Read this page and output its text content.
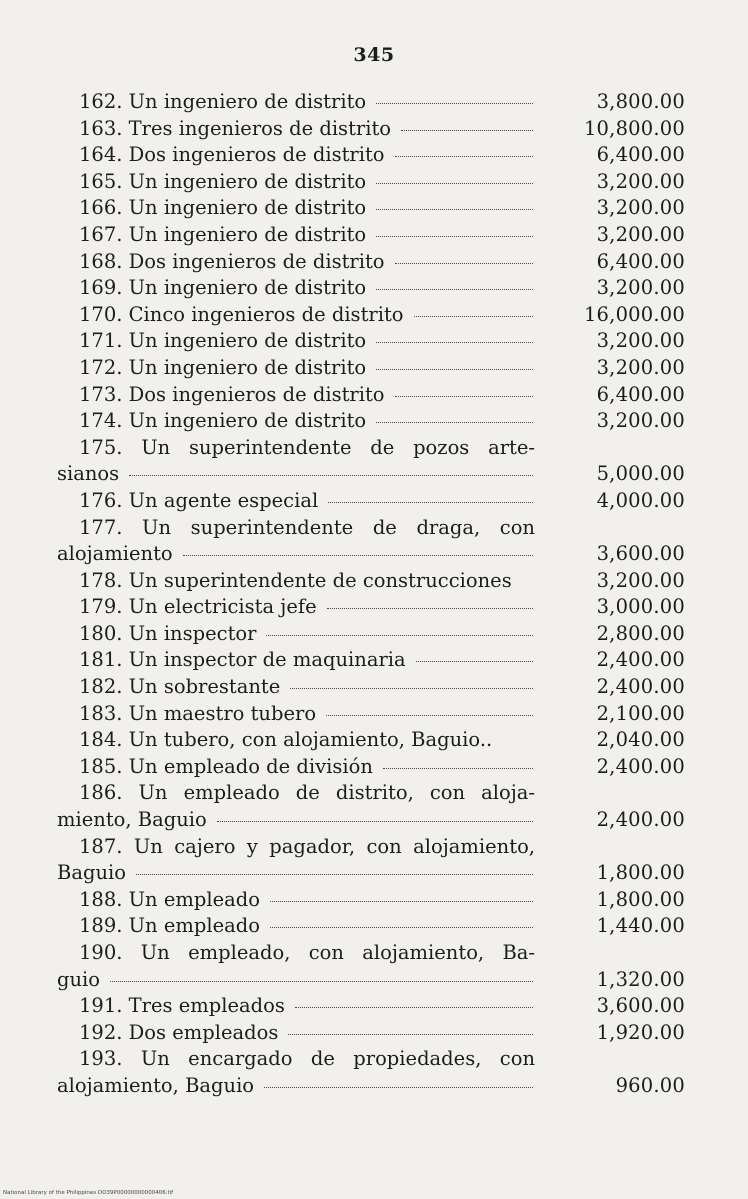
345
162. Un ingeniero de distrito	3,800.00
163. Tres ingenieros de distrito	10,800.00
164. Dos ingenieros de distrito	6,400.00
165. Un ingeniero de distrito	3,200.00
166. Un ingeniero de distrito	3,200.00
167. Un ingeniero de distrito	3,200.00
168. Dos ingenieros de distrito	6,400.00
169. Un ingeniero de distrito	3,200.00
170. Cinco ingenieros de distrito	16,000.00
171. Un ingeniero de distrito	3,200.00
172. Un ingeniero de distrito	3,200.00
173. Dos ingenieros de distrito	6,400.00
174. Un ingeniero de distrito	3,200.00
175. Un superintendente de pozos arte-
sianos	5,000.00
176. Un agente especial	4,000.00
177. Un superintendente de draga, con
alojamiento	3,600.00
178. Un superintendente de construcciones	3,200.00
179. Un electricista jefe	3,000.00
180. Un inspector	2,800.00
181. Un inspector de maquinaria	2,400.00
182. Un sobrestante	2,400.00
183. Un maestro tubero	2,100.00
184. Un tubero, con alojamiento, Baguio..	2,040.00
185. Un empleado de división	2,400.00
186. Un empleado de distrito, con aloja-
miento, Baguio	2,400.00
187. Un cajero y pagador, con alojamiento,
Baguio	1,800.00
188. Un empleado	1,800.00
189. Un empleado	1,440.00
190. Un empleado, con alojamiento, Ba-
guio	1,320.00
191. Tres empleados	3,600.00
192. Dos empleados	1,920.00
193. Un encargado de propiedades, con
alojamiento, Baguio	960.00
National Library of the Philippines DO39P00000000000406.tif
